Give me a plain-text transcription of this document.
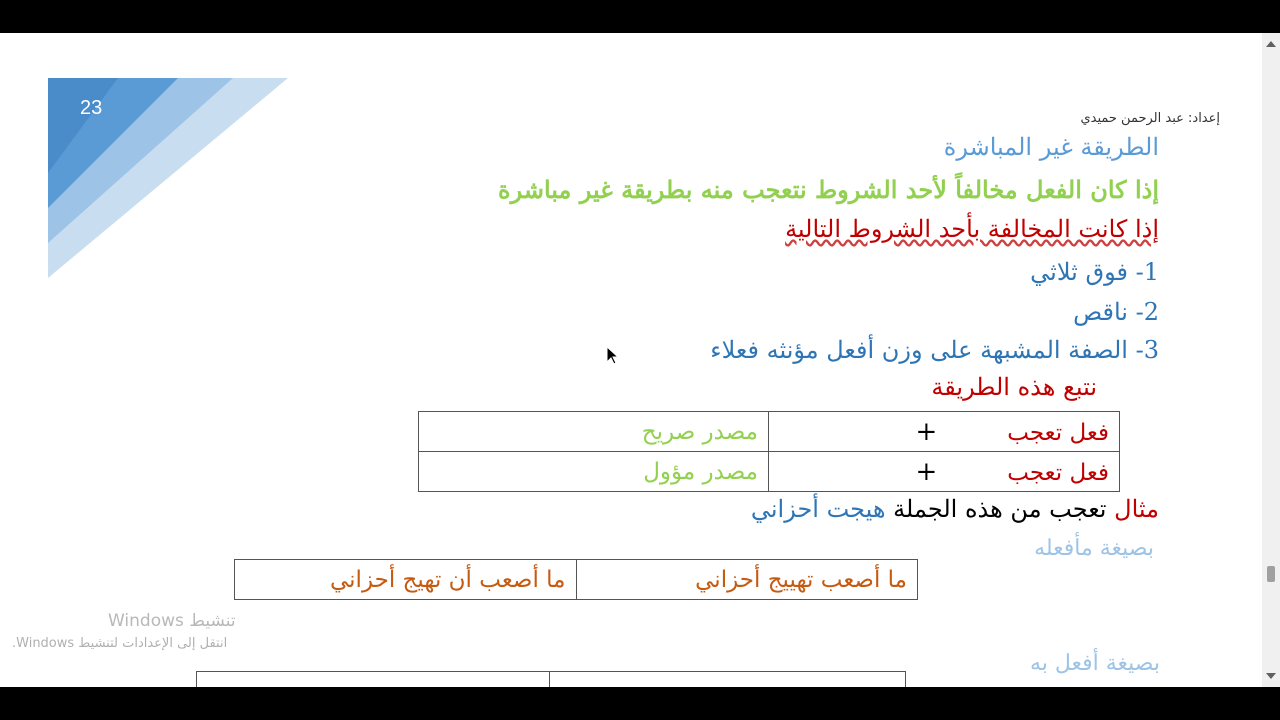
23	إعداد: عبد الرحمن حميدي
الطريقة غير المباشرة
إذا كان الفعل مخالفاً لأحد الشروط نتعجب منه بطريقة غير مباشرة
إذا كانت المخالفة بأحد الشروط التالية
1- فوق ثلاثي
2- ناقص
3- الصفة المشبهة على وزن أفعل مؤنثه فعلاء
نتبع هذه الطريقة
فعل تعجب+	مصدر صريح
فعل تعجب+	مصدر مؤول
مثال تعجب من هذه الجملة هيجت أحزاني
بصيغة مأفعله
ما أصعب تهييج أحزاني	ما أصعب أن تهيج أحزاني
بصيغة أفعل به
تنشيط Windows
انتقل إلى الإعدادات لتنشيط Windows.
